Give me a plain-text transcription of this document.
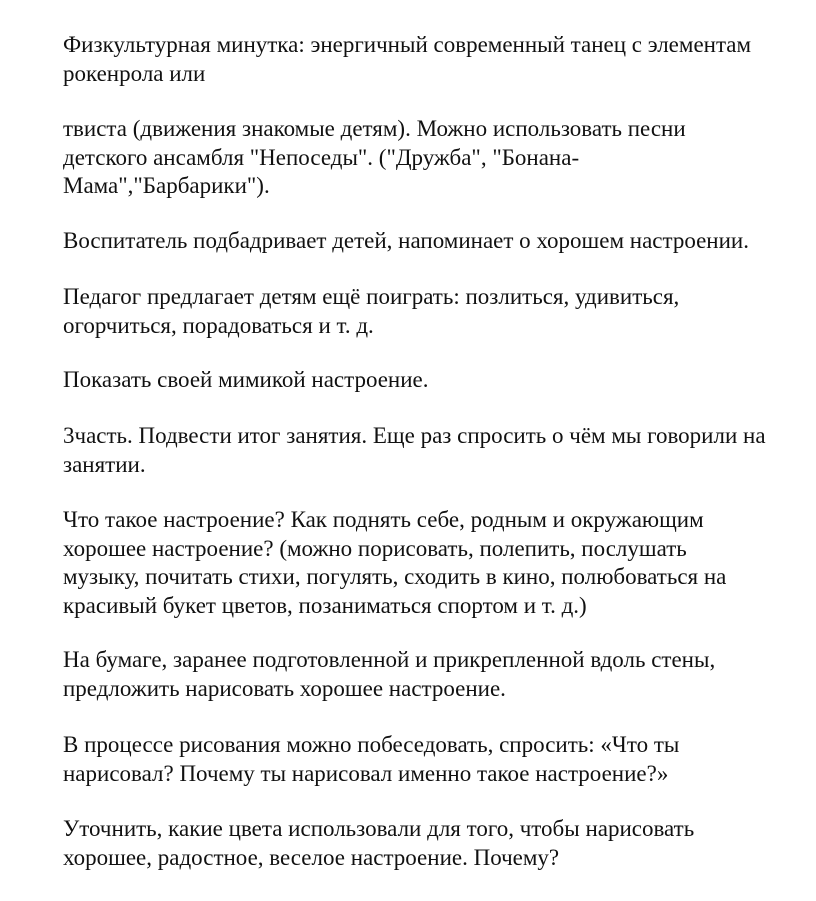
Физкультурная минутка: энергичный современный танец с элементам
рокенрола или

твиста (движения знакомые детям). Можно использовать песни
детского ансамбля "Непоседы". ("Дружба", "Бонана-
Мама","Барбарики").

Воспитатель подбадривает детей, напоминает о хорошем настроении.

Педагог предлагает детям ещё поиграть: позлиться, удивиться,
огорчиться, порадоваться и т. д.

Показать своей мимикой настроение.

3часть. Подвести итог занятия. Еще раз спросить о чём мы говорили на
занятии.

Что такое настроение? Как поднять себе, родным и окружающим
хорошее настроение? (можно порисовать, полепить, послушать
музыку, почитать стихи, погулять, сходить в кино, полюбоваться на
красивый букет цветов, позаниматься спортом и т. д.)

На бумаге, заранее подготовленной и прикрепленной вдоль стены,
предложить нарисовать хорошее настроение.

В процессе рисования можно побеседовать, спросить: «Что ты
нарисовал? Почему ты нарисовал именно такое настроение?»

Уточнить, какие цвета использовали для того, чтобы нарисовать
хорошее, радостное, веселое настроение. Почему?
